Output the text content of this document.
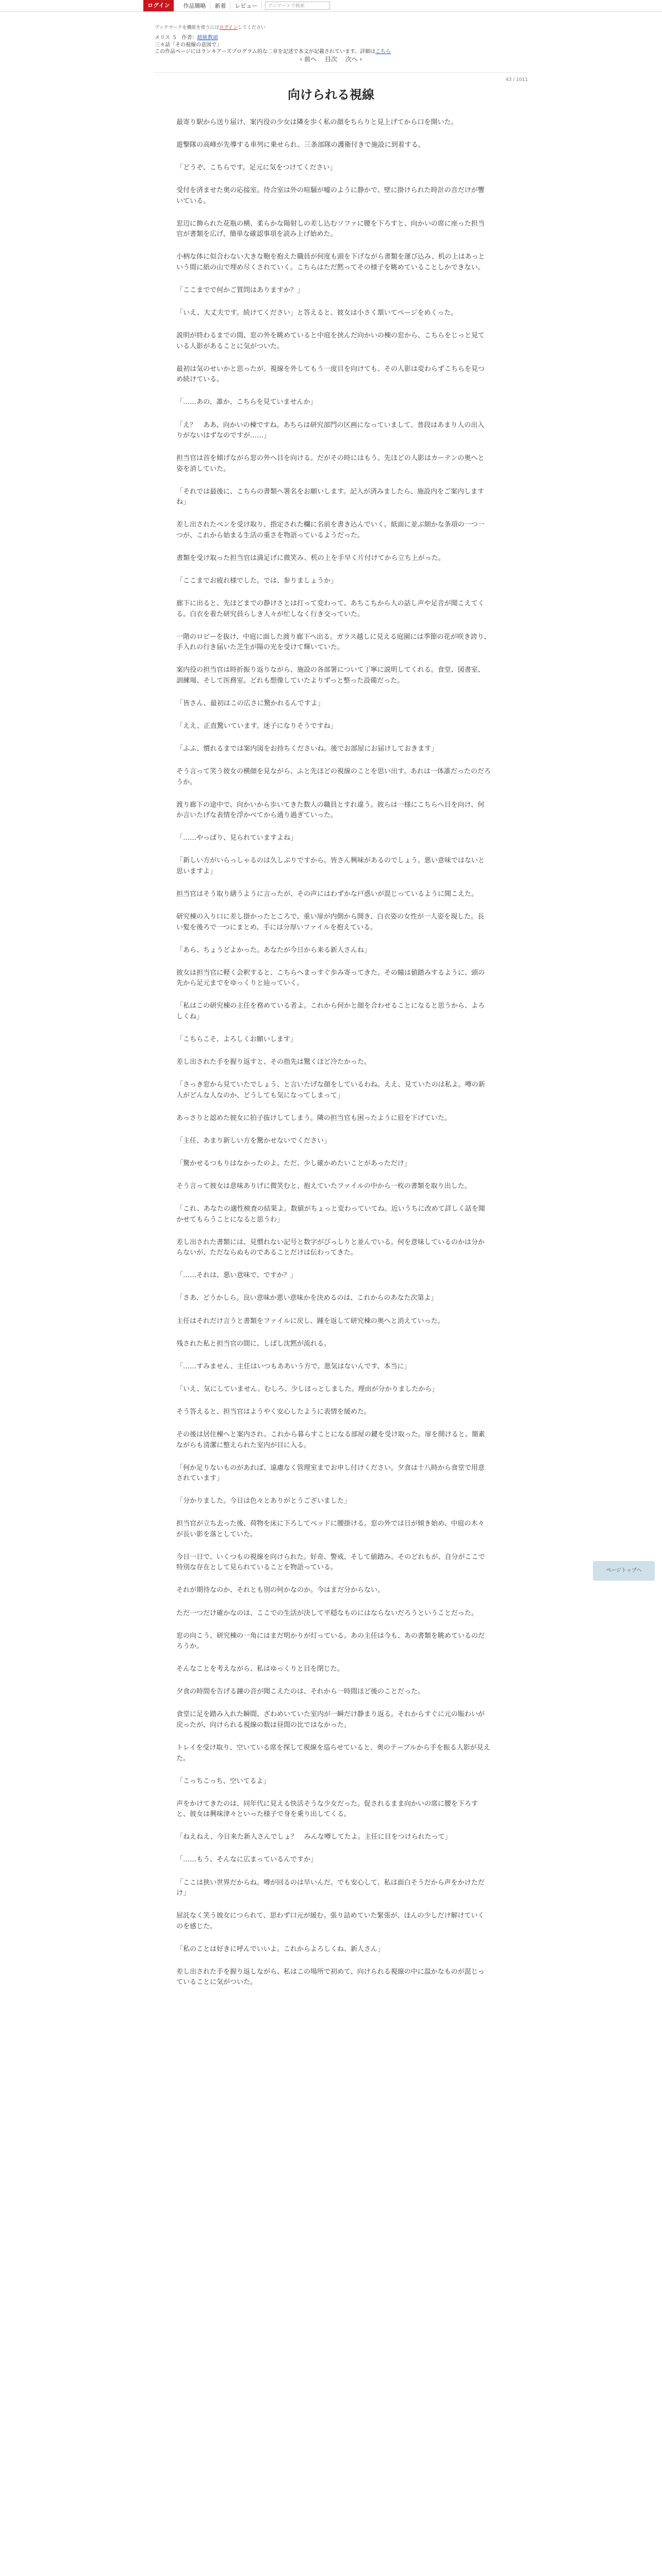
ログイン	作品簡略	新着	レビュー	アニマートで検索
ブックマークを機能を使うにはログインしてください
メリス ５ 作者：総統教頭
三々話「その視線の意図で」
この作品ページにはランキアーズプログラム的な二章を記述で本文が記載されています。詳細はこちら
‹ 前へ 目次 次へ ›
43 / 1011
向けられる視線

最寄り駅から送り届け、案内役の少女は隣を歩く私の顔をちらりと見上げてから口を開いた。

遊撃隊の高峰が先導する車列に乗せられ、三条部隊の護衛付きで施設に到着する。

「どうぞ、こちらです。足元に気をつけてください」

受付を済ませた奥の応接室。待合室は外の喧騒が嘘のように静かで、壁に掛けられた時計の音だけが響いている。

窓辺に飾られた花瓶の横、柔らかな陽射しの差し込むソファに腰を下ろすと、向かいの席に座った担当官が書類を広げ、簡単な確認事項を読み上げ始めた。

小柄な体に似合わない大きな鞄を抱えた職員が何度も頭を下げながら書類を運び込み、机の上はあっという間に紙の山で埋め尽くされていく。こちらはただ黙ってその様子を眺めていることしかできない。

「ここまでで何かご質問はありますか？」

「いえ、大丈夫です。続けてください」と答えると、彼女は小さく頷いてページをめくった。

説明が終わるまでの間、窓の外を眺めていると中庭を挟んだ向かいの棟の窓から、こちらをじっと見ている人影があることに気がついた。

最初は気のせいかと思ったが、視線を外してもう一度目を向けても、その人影は変わらずこちらを見つめ続けている。

「……あの、誰か、こちらを見ていませんか」

「え？　ああ、向かいの棟ですね。あちらは研究部門の区画になっていまして、普段はあまり人の出入りがないはずなのですが……」

担当官は首を傾げながら窓の外へ目を向ける。だがその時にはもう、先ほどの人影はカーテンの奥へと姿を消していた。

「それでは最後に、こちらの書類へ署名をお願いします。記入が済みましたら、施設内をご案内しますね」

差し出されたペンを受け取り、指定された欄に名前を書き込んでいく。紙面に並ぶ細かな条項の一つ一つが、これから始まる生活の重さを物語っているようだった。

書類を受け取った担当官は満足げに微笑み、机の上を手早く片付けてから立ち上がった。

「ここまでお疲れ様でした。では、参りましょうか」

廊下に出ると、先ほどまでの静けさとは打って変わって、あちこちから人の話し声や足音が聞こえてくる。白衣を着た研究員らしき人々が忙しなく行き交っていた。

一階のロビーを抜け、中庭に面した渡り廊下へ出る。ガラス越しに見える庭園には季節の花が咲き誇り、手入れの行き届いた芝生が陽の光を受けて輝いていた。

案内役の担当官は時折振り返りながら、施設の各部署について丁寧に説明してくれる。食堂、図書室、訓練場、そして医務室。どれも想像していたよりずっと整った設備だった。

「皆さん、最初はこの広さに驚かれるんですよ」

「ええ、正直驚いています。迷子になりそうですね」

「ふふ、慣れるまでは案内図をお持ちくださいね。後でお部屋にお届けしておきます」

そう言って笑う彼女の横顔を見ながら、ふと先ほどの視線のことを思い出す。あれは一体誰だったのだろうか。

渡り廊下の途中で、向かいから歩いてきた数人の職員とすれ違う。彼らは一様にこちらへ目を向け、何か言いたげな表情を浮かべてから通り過ぎていった。

「……やっぱり、見られていますよね」

「新しい方がいらっしゃるのは久しぶりですから。皆さん興味があるのでしょう。悪い意味ではないと思いますよ」

担当官はそう取り繕うように言ったが、その声にはわずかな戸惑いが混じっているように聞こえた。

研究棟の入り口に差し掛かったところで、重い扉が内側から開き、白衣姿の女性が一人姿を現した。長い髪を後ろで一つにまとめ、手には分厚いファイルを抱えている。

「あら、ちょうどよかった。あなたが今日から来る新人さんね」

彼女は担当官に軽く会釈すると、こちらへまっすぐ歩み寄ってきた。その瞳は値踏みするように、頭の先から足元までをゆっくりと辿っていく。

「私はこの研究棟の主任を務めている者よ。これから何かと顔を合わせることになると思うから、よろしくね」

「こちらこそ、よろしくお願いします」

差し出された手を握り返すと、その指先は驚くほど冷たかった。

「さっき窓から見ていたでしょう、と言いたげな顔をしているわね。ええ、見ていたのは私よ。噂の新人がどんな人なのか、どうしても気になってしまって」

あっさりと認めた彼女に拍子抜けしてしまう。隣の担当官も困ったように眉を下げていた。

「主任、あまり新しい方を驚かせないでください」

「驚かせるつもりはなかったのよ。ただ、少し確かめたいことがあっただけ」

そう言って彼女は意味ありげに微笑むと、抱えていたファイルの中から一枚の書類を取り出した。

「これ、あなたの適性検査の結果よ。数値がちょっと変わっていてね。近いうちに改めて詳しく話を聞かせてもらうことになると思うわ」

差し出された書類には、見慣れない記号と数字がびっしりと並んでいる。何を意味しているのかは分からないが、ただならぬものであることだけは伝わってきた。

「……それは、悪い意味で、ですか？」

「さあ、どうかしら。良い意味か悪い意味かを決めるのは、これからのあなた次第よ」

主任はそれだけ言うと書類をファイルに戻し、踵を返して研究棟の奥へと消えていった。

残された私と担当官の間に、しばし沈黙が流れる。

「……すみません、主任はいつもああいう方で。悪気はないんです、本当に」

「いえ、気にしていません。むしろ、少しほっとしました。理由が分かりましたから」

そう答えると、担当官はようやく安心したように表情を緩めた。

その後は居住棟へと案内され、これから暮らすことになる部屋の鍵を受け取った。扉を開けると、簡素ながらも清潔に整えられた室内が目に入る。

「何か足りないものがあれば、遠慮なく管理室までお申し付けください。夕食は十八時から食堂で用意されています」

「分かりました。今日は色々とありがとうございました」

担当官が立ち去った後、荷物を床に下ろしてベッドに腰掛ける。窓の外では日が傾き始め、中庭の木々が長い影を落としていた。

今日一日で、いくつもの視線を向けられた。好奇、警戒、そして値踏み。そのどれもが、自分がここで特別な存在として見られていることを物語っている。

それが期待なのか、それとも別の何かなのか。今はまだ分からない。

ただ一つだけ確かなのは、ここでの生活が決して平穏なものにはならないだろうということだった。

窓の向こう、研究棟の一角にはまだ明かりが灯っている。あの主任は今も、あの書類を眺めているのだろうか。

そんなことを考えながら、私はゆっくりと目を閉じた。

夕食の時間を告げる鐘の音が聞こえたのは、それから一時間ほど後のことだった。

食堂に足を踏み入れた瞬間、ざわめいていた室内が一瞬だけ静まり返る。それからすぐに元の賑わいが戻ったが、向けられる視線の数は昼間の比ではなかった。

トレイを受け取り、空いている席を探して視線を巡らせていると、奥のテーブルから手を振る人影が見えた。

「こっちこっち、空いてるよ」

声をかけてきたのは、同年代に見える快活そうな少女だった。促されるまま向かいの席に腰を下ろすと、彼女は興味津々といった様子で身を乗り出してくる。

「ねえねえ、今日来た新人さんでしょ？　みんな噂してたよ。主任に目をつけられたって」

「……もう、そんなに広まっているんですか」

「ここは狭い世界だからね。噂が回るのは早いんだ。でも安心して、私は面白そうだから声をかけただけ」

屈託なく笑う彼女につられて、思わず口元が緩む。張り詰めていた緊張が、ほんの少しだけ解けていくのを感じた。

「私のことは好きに呼んでいいよ。これからよろしくね、新人さん」

差し出された手を握り返しながら、私はこの場所で初めて、向けられる視線の中に温かなものが混じっていることに気がついた。

ページトップへ
